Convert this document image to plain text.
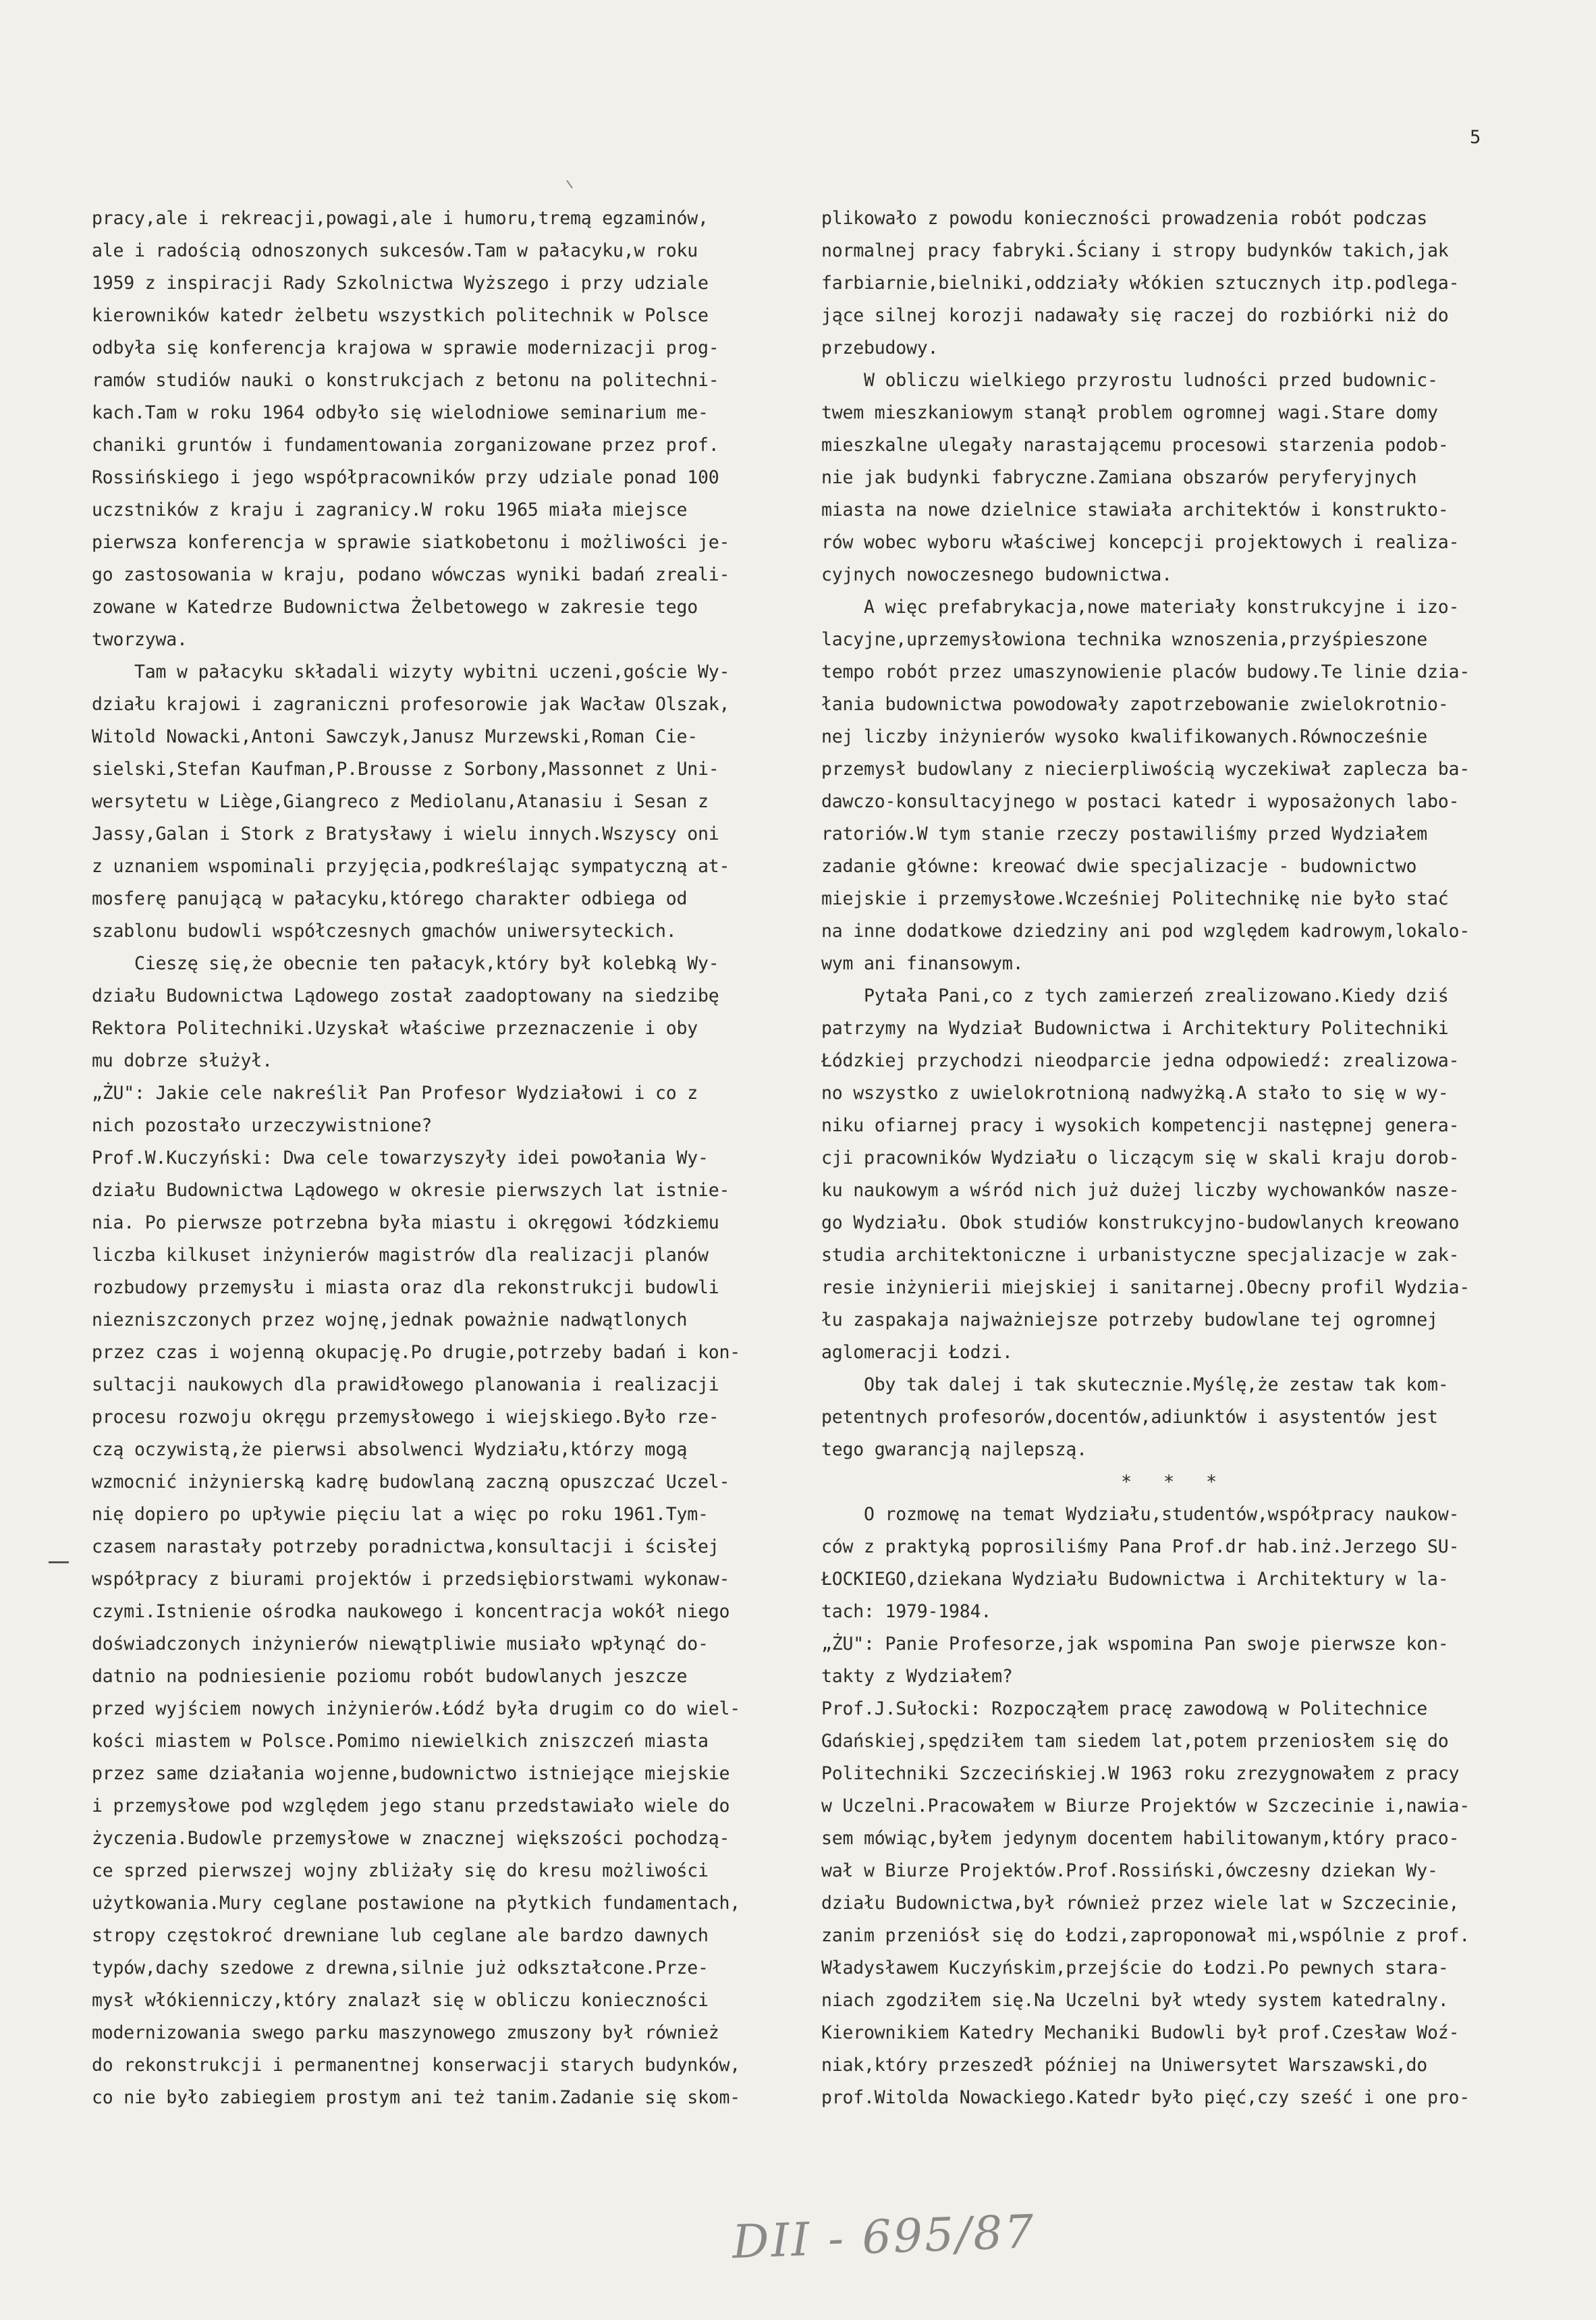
5
pracy,ale i rekreacji,powagi,ale i humoru,tremą egzaminów,
ale i radością odnoszonych sukcesów.Tam w pałacyku,w roku
1959 z inspiracji Rady Szkolnictwa Wyższego i przy udziale
kierowników katedr żelbetu wszystkich politechnik w Polsce
odbyła się konferencja krajowa w sprawie modernizacji prog-
ramów studiów nauki o konstrukcjach z betonu na politechni-
kach.Tam w roku 1964 odbyło się wielodniowe seminarium me-
chaniki gruntów i fundamentowania zorganizowane przez prof.
Rossińskiego i jego współpracowników przy udziale ponad 100
uczstników z kraju i zagranicy.W roku 1965 miała miejsce
pierwsza konferencja w sprawie siatkobetonu i możliwości je-
go zastosowania w kraju, podano wówczas wyniki badań zreali-
zowane w Katedrze Budownictwa Żelbetowego w zakresie tego
tworzywa.
Tam w pałacyku składali wizyty wybitni uczeni,goście Wy-
działu krajowi i zagraniczni profesorowie jak Wacław Olszak,
Witold Nowacki,Antoni Sawczyk,Janusz Murzewski,Roman Cie-
sielski,Stefan Kaufman,P.Brousse z Sorbony,Massonnet z Uni-
wersytetu w Liège,Giangreco z Mediolanu,Atanasiu i Sesan z
Jassy,Galan i Stork z Bratysławy i wielu innych.Wszyscy oni
z uznaniem wspominali przyjęcia,podkreślając sympatyczną at-
mosferę panującą w pałacyku,którego charakter odbiega od
szablonu budowli współczesnych gmachów uniwersyteckich.
Cieszę się,że obecnie ten pałacyk,który był kolebką Wy-
działu Budownictwa Lądowego został zaadoptowany na siedzibę
Rektora Politechniki.Uzyskał właściwe przeznaczenie i oby
mu dobrze służył.
„ŻU": Jakie cele nakreślił Pan Profesor Wydziałowi i co z
nich pozostało urzeczywistnione?
Prof.W.Kuczyński: Dwa cele towarzyszyły idei powołania Wy-
działu Budownictwa Lądowego w okresie pierwszych lat istnie-
nia. Po pierwsze potrzebna była miastu i okręgowi łódzkiemu
liczba kilkuset inżynierów magistrów dla realizacji planów
rozbudowy przemysłu i miasta oraz dla rekonstrukcji budowli
niezniszczonych przez wojnę,jednak poważnie nadwątlonych
przez czas i wojenną okupację.Po drugie,potrzeby badań i kon-
sultacji naukowych dla prawidłowego planowania i realizacji
procesu rozwoju okręgu przemysłowego i wiejskiego.Było rze-
czą oczywistą,że pierwsi absolwenci Wydziału,którzy mogą
wzmocnić inżynierską kadrę budowlaną zaczną opuszczać Uczel-
nię dopiero po upływie pięciu lat a więc po roku 1961.Tym-
czasem narastały potrzeby poradnictwa,konsultacji i ścisłej
współpracy z biurami projektów i przedsiębiorstwami wykonaw-
czymi.Istnienie ośrodka naukowego i koncentracja wokół niego
doświadczonych inżynierów niewątpliwie musiało wpłynąć do-
datnio na podniesienie poziomu robót budowlanych jeszcze
przed wyjściem nowych inżynierów.Łódź była drugim co do wiel-
kości miastem w Polsce.Pomimo niewielkich zniszczeń miasta
przez same działania wojenne,budownictwo istniejące miejskie
i przemysłowe pod względem jego stanu przedstawiało wiele do
życzenia.Budowle przemysłowe w znacznej większości pochodzą-
ce sprzed pierwszej wojny zbliżały się do kresu możliwości
użytkowania.Mury ceglane postawione na płytkich fundamentach,
stropy częstokroć drewniane lub ceglane ale bardzo dawnych
typów,dachy szedowe z drewna,silnie już odkształcone.Prze-
mysł włókienniczy,który znalazł się w obliczu konieczności
modernizowania swego parku maszynowego zmuszony był również
do rekonstrukcji i permanentnej konserwacji starych budynków,
co nie było zabiegiem prostym ani też tanim.Zadanie się skom-
plikowało z powodu konieczności prowadzenia robót podczas
normalnej pracy fabryki.Ściany i stropy budynków takich,jak
farbiarnie,bielniki,oddziały włókien sztucznych itp.podlega-
jące silnej korozji nadawały się raczej do rozbiórki niż do
przebudowy.
W obliczu wielkiego przyrostu ludności przed budownic-
twem mieszkaniowym stanął problem ogromnej wagi.Stare domy
mieszkalne ulegały narastającemu procesowi starzenia podob-
nie jak budynki fabryczne.Zamiana obszarów peryferyjnych
miasta na nowe dzielnice stawiała architektów i konstrukto-
rów wobec wyboru właściwej koncepcji projektowych i realiza-
cyjnych nowoczesnego budownictwa.
A więc prefabrykacja,nowe materiały konstrukcyjne i izo-
lacyjne,uprzemysłowiona technika wznoszenia,przyśpieszone
tempo robót przez umaszynowienie placów budowy.Te linie dzia-
łania budownictwa powodowały zapotrzebowanie zwielokrotnio-
nej liczby inżynierów wysoko kwalifikowanych.Równocześnie
przemysł budowlany z niecierpliwością wyczekiwał zaplecza ba-
dawczo-konsultacyjnego w postaci katedr i wyposażonych labo-
ratoriów.W tym stanie rzeczy postawiliśmy przed Wydziałem
zadanie główne: kreować dwie specjalizacje - budownictwo
miejskie i przemysłowe.Wcześniej Politechnikę nie było stać
na inne dodatkowe dziedziny ani pod względem kadrowym,lokalo-
wym ani finansowym.
Pytała Pani,co z tych zamierzeń zrealizowano.Kiedy dziś
patrzymy na Wydział Budownictwa i Architektury Politechniki
Łódzkiej przychodzi nieodparcie jedna odpowiedź: zrealizowa-
no wszystko z uwielokrotnioną nadwyżką.A stało to się w wy-
niku ofiarnej pracy i wysokich kompetencji następnej genera-
cji pracowników Wydziału o liczącym się w skali kraju dorob-
ku naukowym a wśród nich już dużej liczby wychowanków nasze-
go Wydziału. Obok studiów konstrukcyjno-budowlanych kreowano
studia architektoniczne i urbanistyczne specjalizacje w zak-
resie inżynierii miejskiej i sanitarnej.Obecny profil Wydzia-
łu zaspakaja najważniejsze potrzeby budowlane tej ogromnej
aglomeracji Łodzi.
Oby tak dalej i tak skutecznie.Myślę,że zestaw tak kom-
petentnych profesorów,docentów,adiunktów i asystentów jest
tego gwarancją najlepszą.
*   *   *
O rozmowę na temat Wydziału,studentów,współpracy naukow-
ców z praktyką poprosiliśmy Pana Prof.dr hab.inż.Jerzego SU-
ŁOCKIEGO,dziekana Wydziału Budownictwa i Architektury w la-
tach: 1979-1984.
„ŻU": Panie Profesorze,jak wspomina Pan swoje pierwsze kon-
takty z Wydziałem?
Prof.J.Sułocki: Rozpocząłem pracę zawodową w Politechnice
Gdańskiej,spędziłem tam siedem lat,potem przeniosłem się do
Politechniki Szczecińskiej.W 1963 roku zrezygnowałem z pracy
w Uczelni.Pracowałem w Biurze Projektów w Szczecinie i,nawia-
sem mówiąc,byłem jedynym docentem habilitowanym,który praco-
wał w Biurze Projektów.Prof.Rossiński,ówczesny dziekan Wy-
działu Budownictwa,był również przez wiele lat w Szczecinie,
zanim przeniósł się do Łodzi,zaproponował mi,wspólnie z prof.
Władysławem Kuczyńskim,przejście do Łodzi.Po pewnych stara-
niach zgodziłem się.Na Uczelni był wtedy system katedralny.
Kierownikiem Katedry Mechaniki Budowli był prof.Czesław Woź-
niak,który przeszedł później na Uniwersytet Warszawski,do
prof.Witolda Nowackiego.Katedr było pięć,czy sześć i one pro-
DII - 695/87
